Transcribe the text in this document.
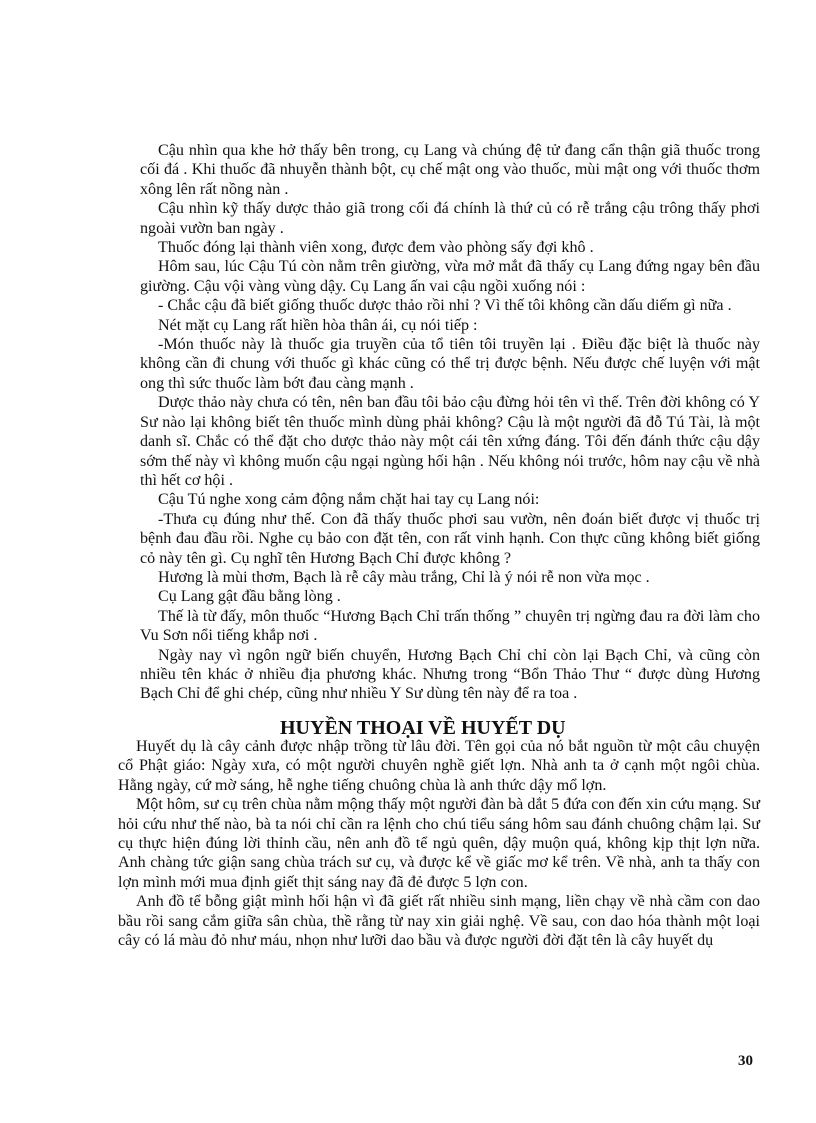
Cậu nhìn qua khe hở thấy bên trong, cụ Lang và chúng đệ tử đang cẩn thận giã thuốc trong cối đá . Khi thuốc đã nhuyễn thành bột, cụ chế mật ong vào thuốc, mùi mật ong với thuốc thơm xông lên rất nồng nàn .

Cậu nhìn kỹ thấy dược thảo giã trong cối đá chính là thứ củ có rễ trắng cậu trông thấy phơi ngoài vườn ban ngày .

Thuốc đóng lại thành viên xong, được đem vào phòng sấy đợi khô .

Hôm sau, lúc Cậu Tú còn nằm trên giường, vừa mở mắt đã thấy cụ Lang đứng ngay bên đầu giường. Cậu vội vàng vùng dậy. Cụ Lang ấn vai cậu ngồi xuống nói :

- Chắc cậu đã biết giống thuốc dược thảo rồi nhỉ ? Vì thế tôi không cần dấu diếm gì nữa .

Nét mặt cụ Lang rất hiền hòa thân ái, cụ nói tiếp :

-Món thuốc này là thuốc gia truyền của tổ tiên tôi truyền lại . Điều đặc biệt là thuốc này không cần đi chung với thuốc gì khác cũng có thể trị được bệnh. Nếu được chế luyện với mật ong thì sức thuốc làm bớt đau càng mạnh .

Dược thảo này chưa có tên, nên ban đầu tôi bảo cậu đừng hỏi tên vì thế. Trên đời không có Y Sư nào lại không biết tên thuốc mình dùng phải không? Cậu là một người đã đỗ Tú Tài, là một danh sĩ. Chắc có thể đặt cho dược thảo này một cái tên xứng đáng. Tôi đến đánh thức cậu dậy sớm thế này vì không muốn cậu ngại ngùng hối hận . Nếu không nói trước, hôm nay cậu về nhà thì hết cơ hội .

Cậu Tú nghe xong cảm động nắm chặt hai tay cụ Lang nói:

-Thưa cụ đúng như thế. Con đã thấy thuốc phơi sau vườn, nên đoán biết được vị thuốc trị bệnh đau đầu rồi. Nghe cụ bảo con đặt tên, con rất vinh hạnh. Con thực cũng không biết giống cỏ này tên gì. Cụ nghĩ tên Hương Bạch Chỉ được không ?

Hương là mùi thơm, Bạch là rễ cây màu trắng, Chỉ là ý nói rễ non vừa mọc .

Cụ Lang gật đầu bằng lòng .

Thế là từ đấy, môn thuốc “Hương Bạch Chỉ trấn thống ” chuyên trị ngừng đau ra đời làm cho Vu Sơn nổi tiếng khắp nơi .

Ngày nay vì ngôn ngữ biến chuyển, Hương Bạch Chỉ chỉ còn lại Bạch Chỉ, và cũng còn nhiều tên khác ở nhiều địa phương khác. Nhưng trong “Bổn Thảo Thư “ được dùng Hương Bạch Chỉ để ghi chép, cũng như nhiều Y Sư dùng tên này để ra toa .

HUYỀN THOẠI VỀ HUYẾT DỤ

Huyết dụ là cây cảnh được nhập trồng từ lâu đời. Tên gọi của nó bắt nguồn từ một câu chuyện cổ Phật giáo: Ngày xưa, có một người chuyên nghề giết lợn. Nhà anh ta ở cạnh một ngôi chùa. Hằng ngày, cứ mờ sáng, hễ nghe tiếng chuông chùa là anh thức dậy mổ lợn.

Một hôm, sư cụ trên chùa nằm mộng thấy một người đàn bà dắt 5 đứa con đến xin cứu mạng. Sư hỏi cứu như thế nào, bà ta nói chỉ cần ra lệnh cho chú tiểu sáng hôm sau đánh chuông chậm lại. Sư cụ thực hiện đúng lời thỉnh cầu, nên anh đồ tể ngủ quên, dậy muộn quá, không kịp thịt lợn nữa. Anh chàng tức giận sang chùa trách sư cụ, và được kể về giấc mơ kể trên. Về nhà, anh ta thấy con lợn mình mới mua định giết thịt sáng nay đã đẻ được 5 lợn con.

Anh đồ tể bỗng giật mình hối hận vì đã giết rất nhiều sinh mạng, liền chạy về nhà cầm con dao bầu rồi sang cắm giữa sân chùa, thề rằng từ nay xin giải nghệ. Về sau, con dao hóa thành một loại cây có lá màu đỏ như máu, nhọn như lưỡi dao bầu và được người đời đặt tên là cây huyết dụ

30
